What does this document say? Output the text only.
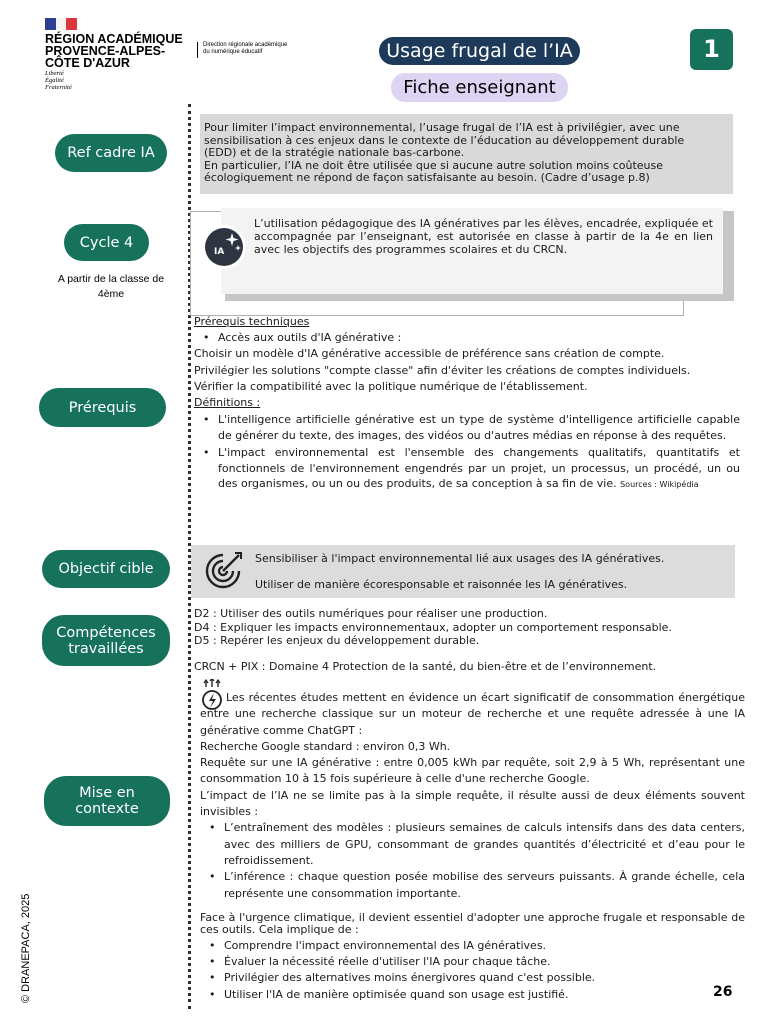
RÉGION ACADÉMIQUE
PROVENCE-ALPES-
CÔTE D'AZUR
Liberté
Égalité
Fraternité
Direction régionale académique
du numérique éducatif	Usage frugal de l’IA
Fiche enseignant
1
Ref cadre IA
Cycle 4
A partir de la classe de 4ème
Prérequis
Objectif cible
Compétences
travaillées
Mise en
contexte
Pour limiter l’impact environnemental, l’usage frugal de l’IA est à privilégier, avec une
sensibilisation à ces enjeux dans le contexte de l’éducation au développement durable
(EDD) et de la stratégie nationale bas-carbone.
En particulier, l’IA ne doit être utilisée que si aucune autre solution moins coûteuse
écologiquement ne répond de façon satisfaisante au besoin. (Cadre d’usage p.8)
L’utilisation pédagogique des IA génératives par les élèves, encadrée, expliquée et accompagnée par l’enseignant, est autorisée en classe à partir de la 4e en lien avec les objectifs des programmes scolaires et du CRCN.
IA
Prérequis techniques
• Accès aux outils d'IA générative :
Choisir un modèle d'IA générative accessible de préférence sans création de compte.
Privilégier les solutions "compte classe" afin d'éviter les créations de comptes individuels.
Vérifier la compatibilité avec la politique numérique de l'établissement.
Définitions :
• L'intelligence artificielle générative est un type de système d'intelligence artificielle capable de générer du texte, des images, des vidéos ou d'autres médias en réponse à des requêtes.
• L'impact environnemental est l'ensemble des changements qualitatifs, quantitatifs et fonctionnels de l'environnement engendrés par un projet, un processus, un procédé, un ou des organismes, ou un ou des produits, de sa conception à sa fin de vie. Sources : Wikipédia
Sensibiliser à l'impact environnemental lié aux usages des IA génératives.
Utiliser de manière écoresponsable et raisonnée les IA génératives.
D2 : Utiliser des outils numériques pour réaliser une production.
D4 : Expliquer les impacts environnementaux, adopter un comportement responsable.
D5 : Repérer les enjeux du développement durable.
CRCN + PIX : Domaine 4 Protection de la santé, du bien-être et de l’environnement.
Les récentes études mettent en évidence un écart significatif de consommation énergétique entre une recherche classique sur un moteur de recherche et une requête adressée à une IA générative comme ChatGPT :
Recherche Google standard : environ 0,3 Wh.
Requête sur une IA générative : entre 0,005 kWh par requête, soit 2,9 à 5 Wh, représentant une consommation 10 à 15 fois supérieure à celle d'une recherche Google.
L’impact de l’IA ne se limite pas à la simple requête, il résulte aussi de deux éléments souvent invisibles :
• L’entraînement des modèles : plusieurs semaines de calculs intensifs dans des data centers, avec des milliers de GPU, consommant de grandes quantités d’électricité et d’eau pour le refroidissement.
• L’inférence : chaque question posée mobilise des serveurs puissants. À grande échelle, cela représente une consommation importante.
Face à l'urgence climatique, il devient essentiel d'adopter une approche frugale et responsable de ces outils. Cela implique de :
• Comprendre l'impact environnemental des IA génératives.
• Évaluer la nécessité réelle d'utiliser l'IA pour chaque tâche.
• Privilégier des alternatives moins énergivores quand c'est possible.
• Utiliser l'IA de manière optimisée quand son usage est justifié.
© DRANEPACA, 2025	26
